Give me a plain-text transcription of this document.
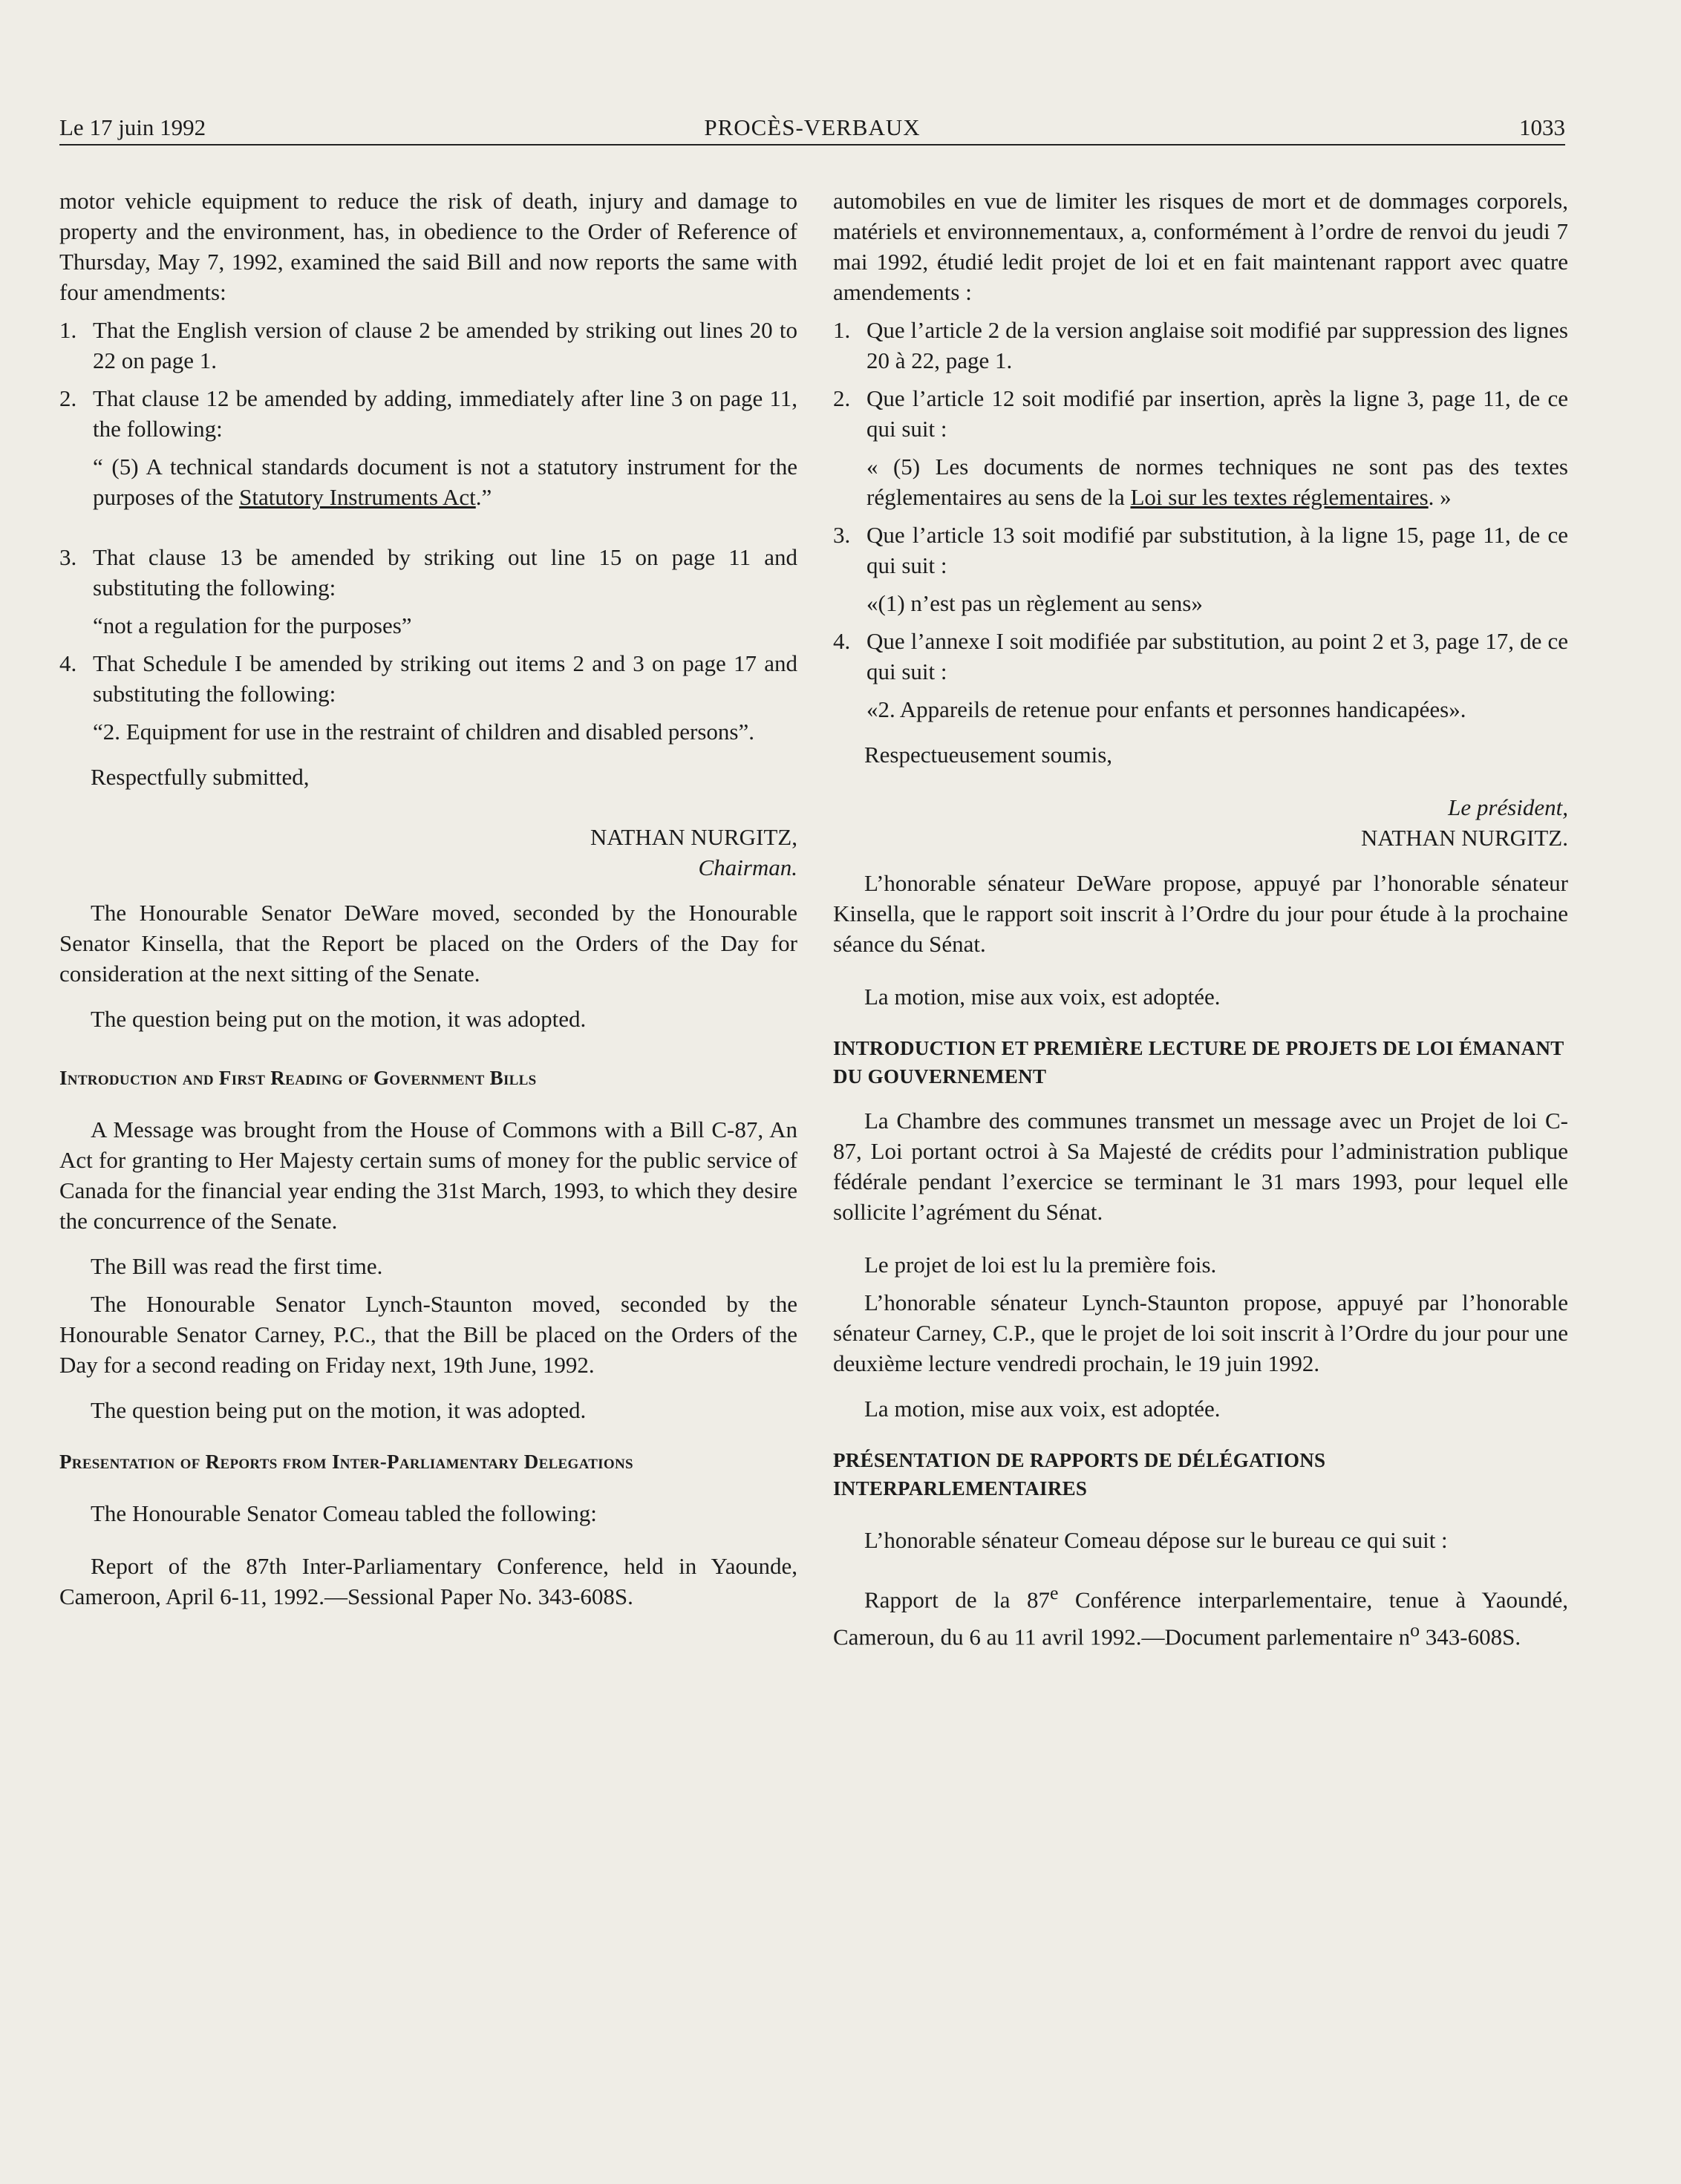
Le 17 juin 1992	PROCÈS-VERBAUX	1033

motor vehicle equipment to reduce the risk of death, injury and damage to property and the environment, has, in obedience to the Order of Reference of Thursday, May 7, 1992, examined the said Bill and now reports the same with four amendments:

1. That the English version of clause 2 be amended by striking out lines 20 to 22 on page 1.
2. That clause 12 be amended by adding, immediately after line 3 on page 11, the following:

“ (5) A technical standards document is not a statutory instrument for the purposes of the Statutory Instruments Act.”

3. That clause 13 be amended by striking out line 15 on page 11 and substituting the following:

“not a regulation for the purposes”

4. That Schedule I be amended by striking out items 2 and 3 on page 17 and substituting the following:

“2. Equipment for use in the restraint of children and disabled persons”.

Respectfully submitted,

NATHAN NURGITZ,

Chairman.

The Honourable Senator DeWare moved, seconded by the Honourable Senator Kinsella, that the Report be placed on the Orders of the Day for consideration at the next sitting of the Senate.

The question being put on the motion, it was adopted.

Introduction and First Reading of Government Bills

A Message was brought from the House of Commons with a Bill C-87, An Act for granting to Her Majesty certain sums of money for the public service of Canada for the financial year ending the 31st March, 1993, to which they desire the concurrence of the Senate.

The Bill was read the first time.

The Honourable Senator Lynch-Staunton moved, seconded by the Honourable Senator Carney, P.C., that the Bill be placed on the Orders of the Day for a second reading on Friday next, 19th June, 1992.

The question being put on the motion, it was adopted.

Presentation of Reports from Inter-Parliamentary Delegations

The Honourable Senator Comeau tabled the following:

Report of the 87th Inter-Parliamentary Conference, held in Yaounde, Cameroon, April 6-11, 1992.—Sessional Paper No. 343-608S.

automobiles en vue de limiter les risques de mort et de dommages corporels, matériels et environnementaux, a, conformément à l’ordre de renvoi du jeudi 7 mai 1992, étudié ledit projet de loi et en fait maintenant rapport avec quatre amendements :

1. Que l’article 2 de la version anglaise soit modifié par suppression des lignes 20 à 22, page 1.
2. Que l’article 12 soit modifié par insertion, après la ligne 3, page 11, de ce qui suit :

« (5) Les documents de normes techniques ne sont pas des textes réglementaires au sens de la Loi sur les textes réglementaires. »

3. Que l’article 13 soit modifié par substitution, à la ligne 15, page 11, de ce qui suit :

«(1) n’est pas un règlement au sens»

4. Que l’annexe I soit modifiée par substitution, au point 2 et 3, page 17, de ce qui suit :

«2. Appareils de retenue pour enfants et personnes handicapées».

Respectueusement soumis,

Le président,

NATHAN NURGITZ.

L’honorable sénateur DeWare propose, appuyé par l’honorable sénateur Kinsella, que le rapport soit inscrit à l’Ordre du jour pour étude à la prochaine séance du Sénat.

La motion, mise aux voix, est adoptée.

INTRODUCTION ET PREMIÈRE LECTURE DE PROJETS DE LOI ÉMANANT DU GOUVERNEMENT

La Chambre des communes transmet un message avec un Projet de loi C-87, Loi portant octroi à Sa Majesté de crédits pour l’administration publique fédérale pendant l’exercice se terminant le 31 mars 1993, pour lequel elle sollicite l’agrément du Sénat.

Le projet de loi est lu la première fois.

L’honorable sénateur Lynch-Staunton propose, appuyé par l’honorable sénateur Carney, C.P., que le projet de loi soit inscrit à l’Ordre du jour pour une deuxième lecture vendredi prochain, le 19 juin 1992.

La motion, mise aux voix, est adoptée.

PRÉSENTATION DE RAPPORTS DE DÉLÉGATIONS INTERPARLEMENTAIRES

L’honorable sénateur Comeau dépose sur le bureau ce qui suit :

Rapport de la 87e Conférence interparlementaire, tenue à Yaoundé, Cameroun, du 6 au 11 avril 1992.—Document parlementaire $n^o$ 343-608S.
